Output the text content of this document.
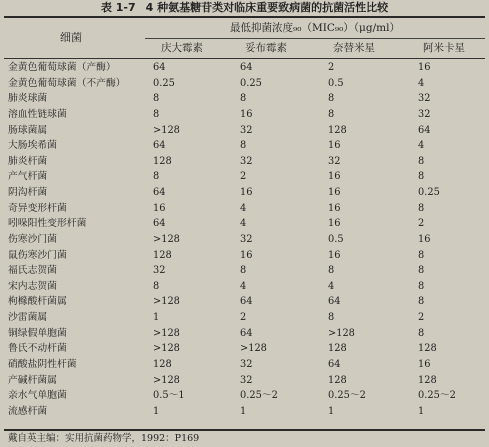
表 1-7 4 种氨基糖苷类对临床重要致病菌的抗菌活性比较
细菌
最低抑菌浓度₉₀（MIC₉₀）（μg/ml）
庆大霉素	妥布霉素	奈替米星	阿米卡星
金黄色葡萄球菌（产酶）	64	64	2	16
金黄色葡萄球菌（不产酶）	0.25	0.25	0.5	4
肺炎球菌	8	8	8	32
溶血性链球菌	8	16	8	32
肠球菌属	>128	32	128	64
大肠埃希菌	64	8	16	4
肺炎杆菌	128	32	32	8
产气杆菌	8	2	16	8
阴沟杆菌	64	16	16	0.25
奇异变形杆菌	16	4	16	8
吲哚阳性变形杆菌	64	4	16	2
伤寒沙门菌	>128	32	0.5	16
鼠伤寒沙门菌	128	16	16	8
福氏志贺菌	32	8	8	8
宋内志贺菌	8	4	4	8
枸橼酸杆菌属	>128	64	64	8
沙雷菌属	1	2	8	2
铜绿假单胞菌	>128	64	>128	8
鲁氏不动杆菌	>128	>128	128	128
硝酸盐阴性杆菌	128	32	64	16
产碱杆菌属	>128	32	128	128
亲水气单胞菌	0.5～1	0.25～2	0.25～2	0.25～2
流感杆菌	1	1	1	1
戴自英主编：实用抗菌药物学，1992：P169
